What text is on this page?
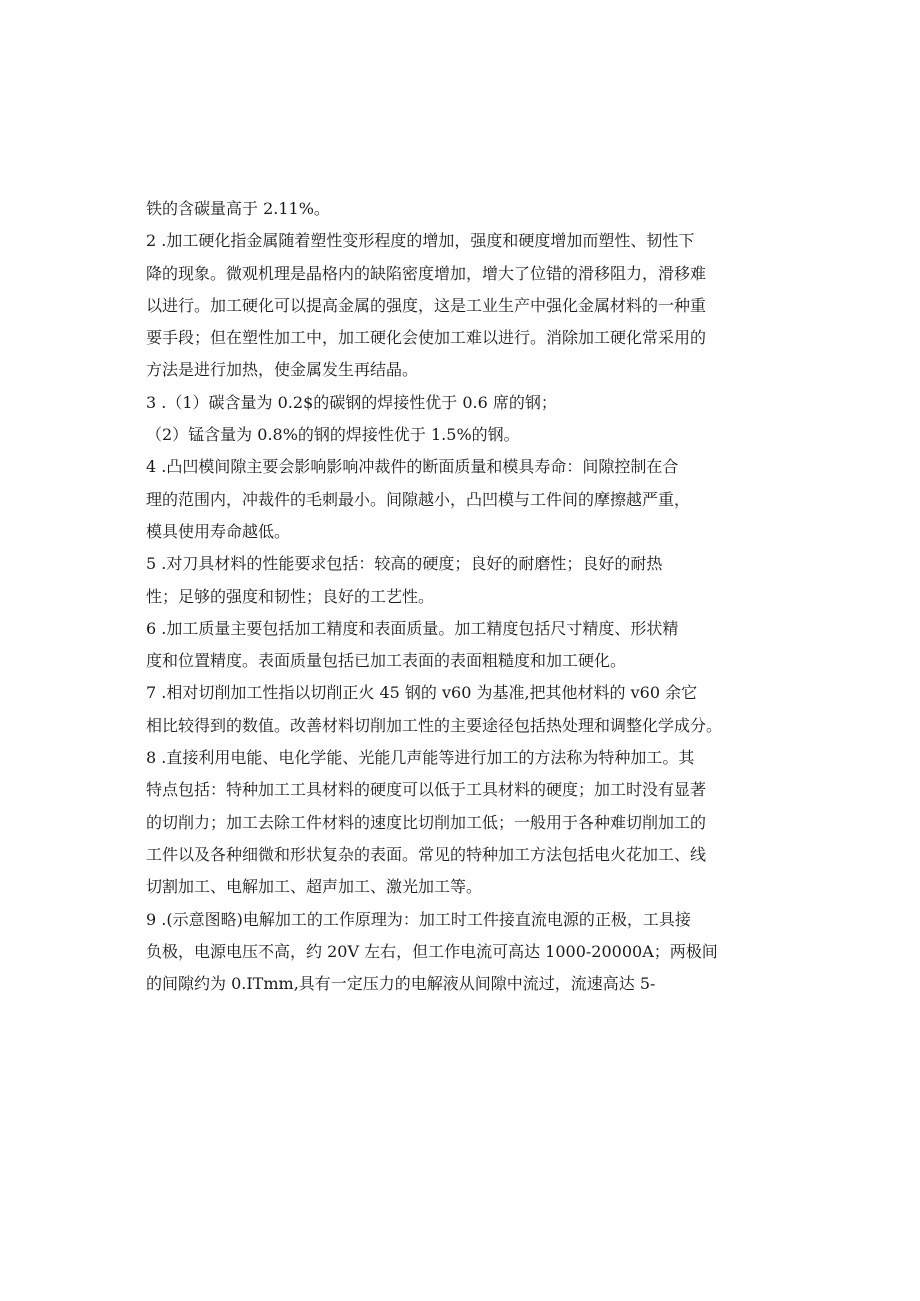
铁的含碳量高于 2.11%。
2 .加工硬化指金属随着塑性变形程度的增加，强度和硬度增加而塑性、韧性下
降的现象。微观机理是晶格内的缺陷密度增加，增大了位错的滑移阻力，滑移难
以进行。加工硬化可以提高金属的强度，这是工业生产中强化金属材料的一种重
要手段；但在塑性加工中，加工硬化会使加工难以进行。消除加工硬化常采用的
方法是进行加热，使金属发生再结晶。
3 .（1）碳含量为 0.2$的碳钢的焊接性优于 0.6 席的钢；
（2）锰含量为 0.8%的钢的焊接性优于 1.5%的钢。
4 .凸凹模间隙主要会影响影响冲裁件的断面质量和模具寿命：间隙控制在合
理的范围内，冲裁件的毛刺最小。间隙越小，凸凹模与工件间的摩擦越严重，
模具使用寿命越低。
5 .对刀具材料的性能要求包括：较高的硬度；良好的耐磨性；良好的耐热
性；足够的强度和韧性；良好的工艺性。
6 .加工质量主要包括加工精度和表面质量。加工精度包括尺寸精度、形状精
度和位置精度。表面质量包括已加工表面的表面粗糙度和加工硬化。
7 .相对切削加工性指以切削正火 45 钢的 v60 为基准,把其他材料的 v60 余它
相比较得到的数值。改善材料切削加工性的主要途径包括热处理和调整化学成分。
8 .直接利用电能、电化学能、光能几声能等进行加工的方法称为特种加工。其
特点包括：特种加工工具材料的硬度可以低于工具材料的硬度；加工时没有显著
的切削力；加工去除工件材料的速度比切削加工低；一般用于各种难切削加工的
工件以及各种细微和形状复杂的表面。常见的特种加工方法包括电火花加工、线
切割加工、电解加工、超声加工、激光加工等。
9 .(示意图略)电解加工的工作原理为：加工时工件接直流电源的正极，工具接
负极，电源电压不高，约 20V 左右，但工作电流可高达 1000-20000A；两极间
的间隙约为 0.ITmm,具有一定压力的电解液从间隙中流过，流速高达 5-
